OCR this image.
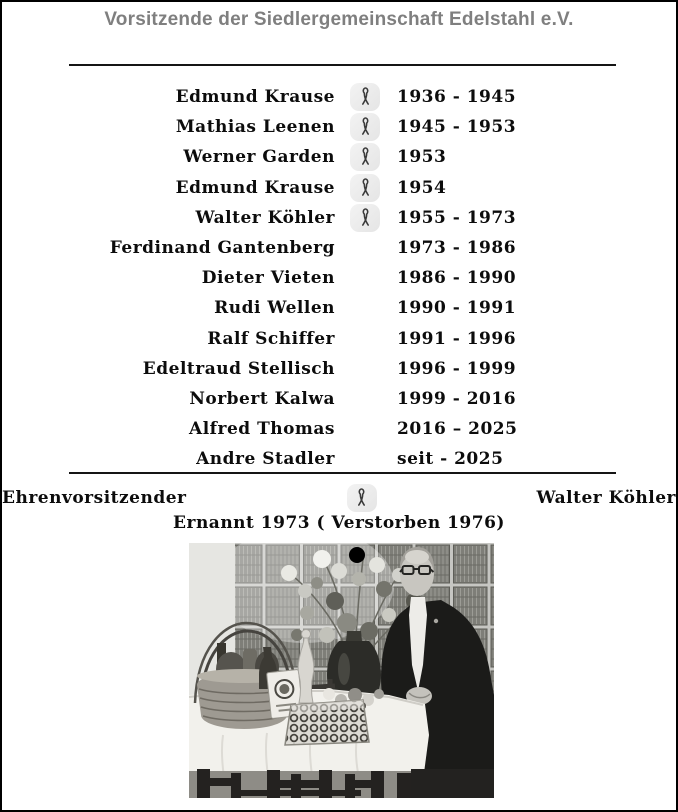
Vorsitzende der Siedlergemeinschaft Edelstahl e.V.
Edmund Krause	1936 - 1945
Mathias Leenen	1945 - 1953
Werner Garden	1953
Edmund Krause	1954
Walter Köhler	1955 - 1973
Ferdinand Gantenberg	1973 - 1986
Dieter Vieten	1986 - 1990
Rudi Wellen	1990 - 1991
Ralf Schiffer	1991 - 1996
Edeltraud Stellisch	1996 - 1999
Norbert Kalwa	1999 - 2016
Alfred Thomas	2016 – 2025
Andre Stadler	seit - 2025
Ehrenvorsitzender	Walter Köhler
Ernannt 1973 ( Verstorben 1976)
